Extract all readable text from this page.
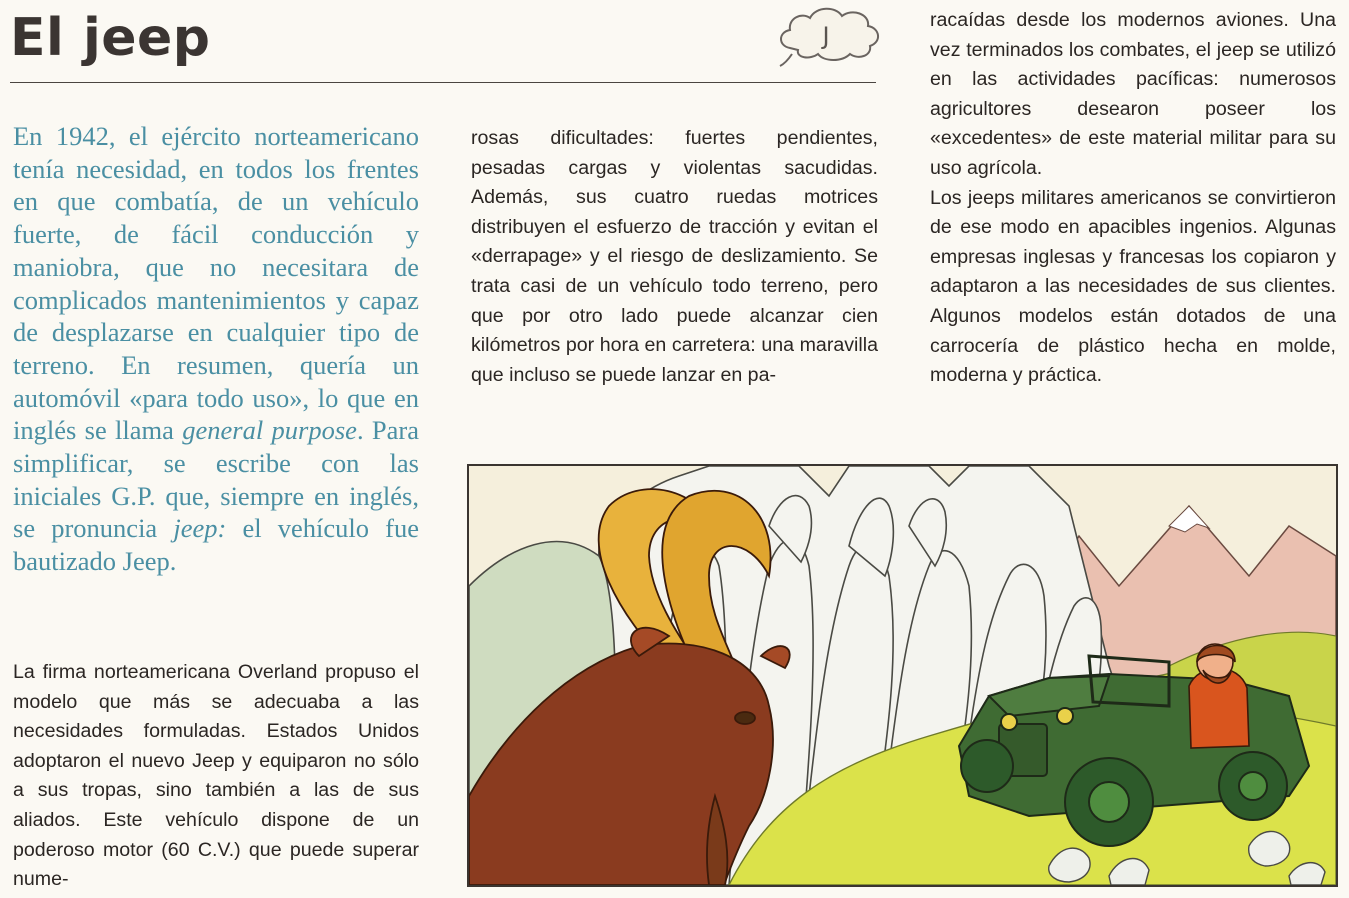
El jeep	J

En 1942, el ejército norteamericano tenía necesidad, en todos los frentes en que combatía, de un vehículo fuerte, de fácil conducción y maniobra, que no necesitara de complicados mantenimientos y capaz de desplazarse en cualquier tipo de terreno. En resumen, quería un automóvil «para todo uso», lo que en inglés se llama general purpose. Para simplificar, se escribe con las iniciales G.P. que, siempre en inglés, se pronuncia jeep: el vehículo fue bautizado Jeep.

La firma norteamericana Overland propuso el modelo que más se adecuaba a las necesidades formuladas. Estados Unidos adoptaron el nuevo Jeep y equiparon no sólo a sus tropas, sino también a las de sus aliados. Este vehículo dispone de un poderoso motor (60 C.V.) que puede superar nume-

rosas dificultades: fuertes pendientes, pesadas cargas y violentas sacudidas. Además, sus cuatro ruedas motrices distribuyen el esfuerzo de tracción y evitan el «derrapage» y el riesgo de deslizamiento. Se trata casi de un vehículo todo terreno, pero que por otro lado puede alcanzar cien kilómetros por hora en carretera: una maravilla que incluso se puede lanzar en pa-

racaídas desde los modernos aviones. Una vez terminados los combates, el jeep se utilizó en las actividades pacíficas: numerosos agricultores desearon poseer los «excedentes» de este material militar para su uso agrícola.

Los jeeps militares americanos se convirtieron de ese modo en apacibles ingenios. Algunas empresas inglesas y francesas los copiaron y adaptaron a las necesidades de sus clientes. Algunos modelos están dotados de una carrocería de plástico hecha en molde, moderna y práctica.
